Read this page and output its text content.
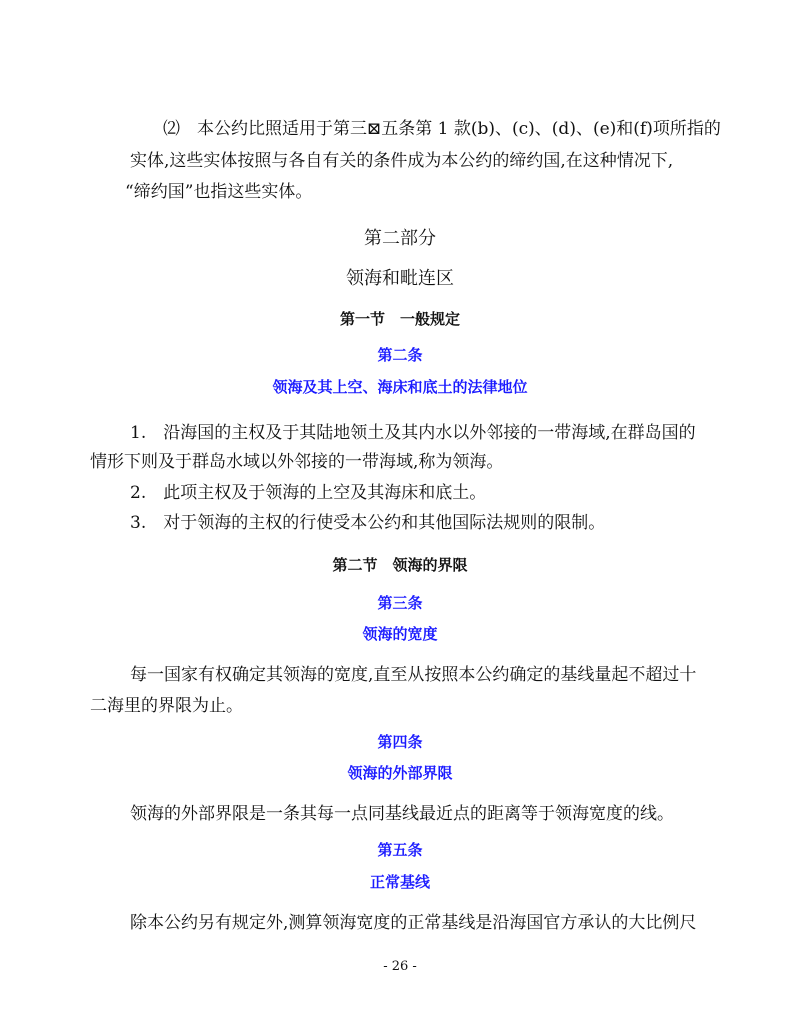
⑵　本公约比照适用于第三⊠五条第 1 款(b)、(c)、(d)、(e)和(f)项所指的
实体,这些实体按照与各自有关的条件成为本公约的缔约国,在这种情况下,
“缔约国”也指这些实体。
第二部分
领海和毗连区
第一节　一般规定
第二条
领海及其上空、海床和底土的法律地位
1.　沿海国的主权及于其陆地领土及其内水以外邻接的一带海域,在群岛国的
情形下则及于群岛水域以外邻接的一带海域,称为领海。
2.　此项主权及于领海的上空及其海床和底土。
3.　对于领海的主权的行使受本公约和其他国际法规则的限制。
第二节　领海的界限
第三条
领海的宽度
每一国家有权确定其领海的宽度,直至从按照本公约确定的基线量起不超过十
二海里的界限为止。
第四条
领海的外部界限
领海的外部界限是一条其每一点同基线最近点的距离等于领海宽度的线。
第五条
正常基线
除本公约另有规定外,测算领海宽度的正常基线是沿海国官方承认的大比例尺
- 26 -
